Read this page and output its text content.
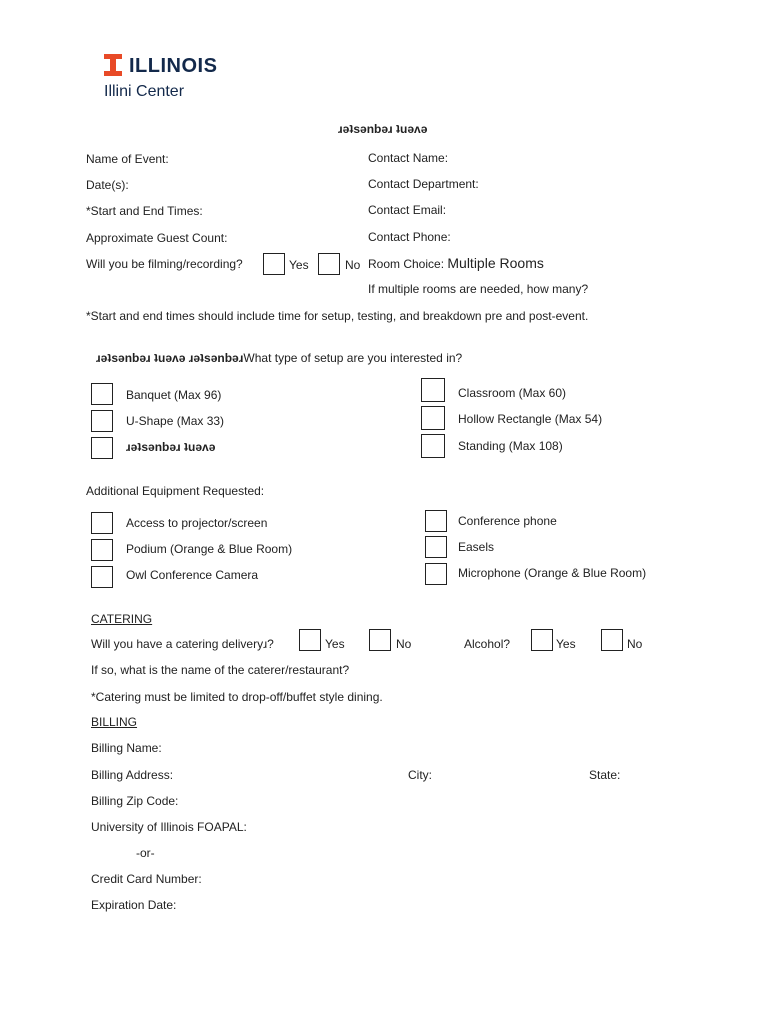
ILLINOIS
Illini Center
ɹǝʇsǝnbǝɹ ʇuǝʌǝ
Name of Event:
Date(s):
*Start and End Times:
Approximate Guest Count:
Will you be filming/recording?	Yes	No
Contact Name:
Contact Department:
Contact Email:
Contact Phone:
Room Choice: Multiple Rooms
If multiple rooms are needed, how many?
*Start and end times should include time for setup, testing, and breakdown pre and post-event.
ɹǝʇsǝnbǝɹ ʇuǝʌǝ ɹǝʇsǝnbǝɹWhat type of setup are you interested in?
Banquet (Max 96)
U-Shape (Max 33)
ɹǝʇsǝnbǝɹ ʇuǝʌǝ
Classroom (Max 60)
Hollow Rectangle (Max 54)
Standing (Max 108)
Additional Equipment Requested:
Access to projector/screen
Podium (Orange & Blue Room)
Owl Conference Camera
Conference phone
Easels
Microphone (Orange & Blue Room)
CATERING
Will you have a catering deliveryɹ?	Yes	No	Alcohol?	Yes	No
If so, what is the name of the caterer/restaurant?
*Catering must be limited to drop-off/buffet style dining.
BILLING
Billing Name:
Billing Address:	City:	State:
Billing Zip Code:
University of Illinois FOAPAL:
-or-
Credit Card Number:
Expiration Date:
